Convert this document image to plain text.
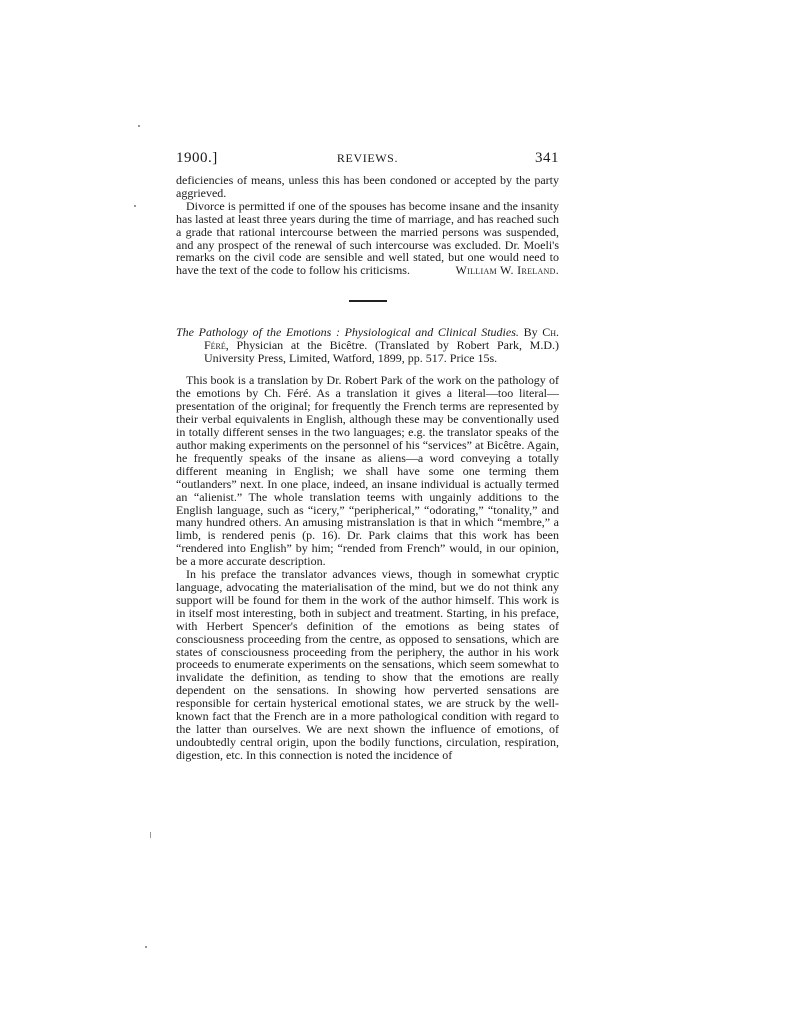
1900.]	REVIEWS.	341

deficiencies of means, unless this has been condoned or accepted by the party aggrieved.

Divorce is permitted if one of the spouses has become insane and the insanity has lasted at least three years during the time of marriage, and has reached such a grade that rational intercourse between the married persons was suspended, and any prospect of the renewal of such intercourse was excluded. Dr. Moeli's remarks on the civil code are sensible and well stated, but one would need to have the text of the code to follow his criticisms.	William W. Ireland.

The Pathology of the Emotions : Physiological and Clinical Studies. By Ch. Féré, Physician at the Bicêtre. (Translated by Robert Park, M.D.) University Press, Limited, Watford, 1899, pp. 517. Price 15s.

This book is a translation by Dr. Robert Park of the work on the pathology of the emotions by Ch. Féré. As a translation it gives a literal—too literal—presentation of the original; for frequently the French terms are represented by their verbal equivalents in English, although these may be conventionally used in totally different senses in the two languages; e.g. the translator speaks of the author making experiments on the personnel of his “services” at Bicêtre. Again, he frequently speaks of the insane as aliens—a word conveying a totally different meaning in English; we shall have some one terming them “outlanders” next. In one place, indeed, an insane individual is actually termed an “alienist.” The whole translation teems with ungainly additions to the English language, such as “icery,” “peripherical,” “odorating,” “tonality,” and many hundred others. An amusing mistranslation is that in which “membre,” a limb, is rendered penis (p. 16). Dr. Park claims that this work has been “rendered into English” by him; “rended from French” would, in our opinion, be a more accurate description.

In his preface the translator advances views, though in somewhat cryptic language, advocating the materialisation of the mind, but we do not think any support will be found for them in the work of the author himself. This work is in itself most interesting, both in subject and treatment. Starting, in his preface, with Herbert Spencer's definition of the emotions as being states of consciousness proceeding from the centre, as opposed to sensations, which are states of consciousness proceeding from the periphery, the author in his work proceeds to enumerate experiments on the sensations, which seem somewhat to invalidate the definition, as tending to show that the emotions are really dependent on the sensations. In showing how perverted sensations are responsible for certain hysterical emotional states, we are struck by the well-known fact that the French are in a more pathological condition with regard to the latter than ourselves. We are next shown the influence of emotions, of undoubtedly central origin, upon the bodily functions, circulation, respiration, digestion, etc. In this connection is noted the incidence of
